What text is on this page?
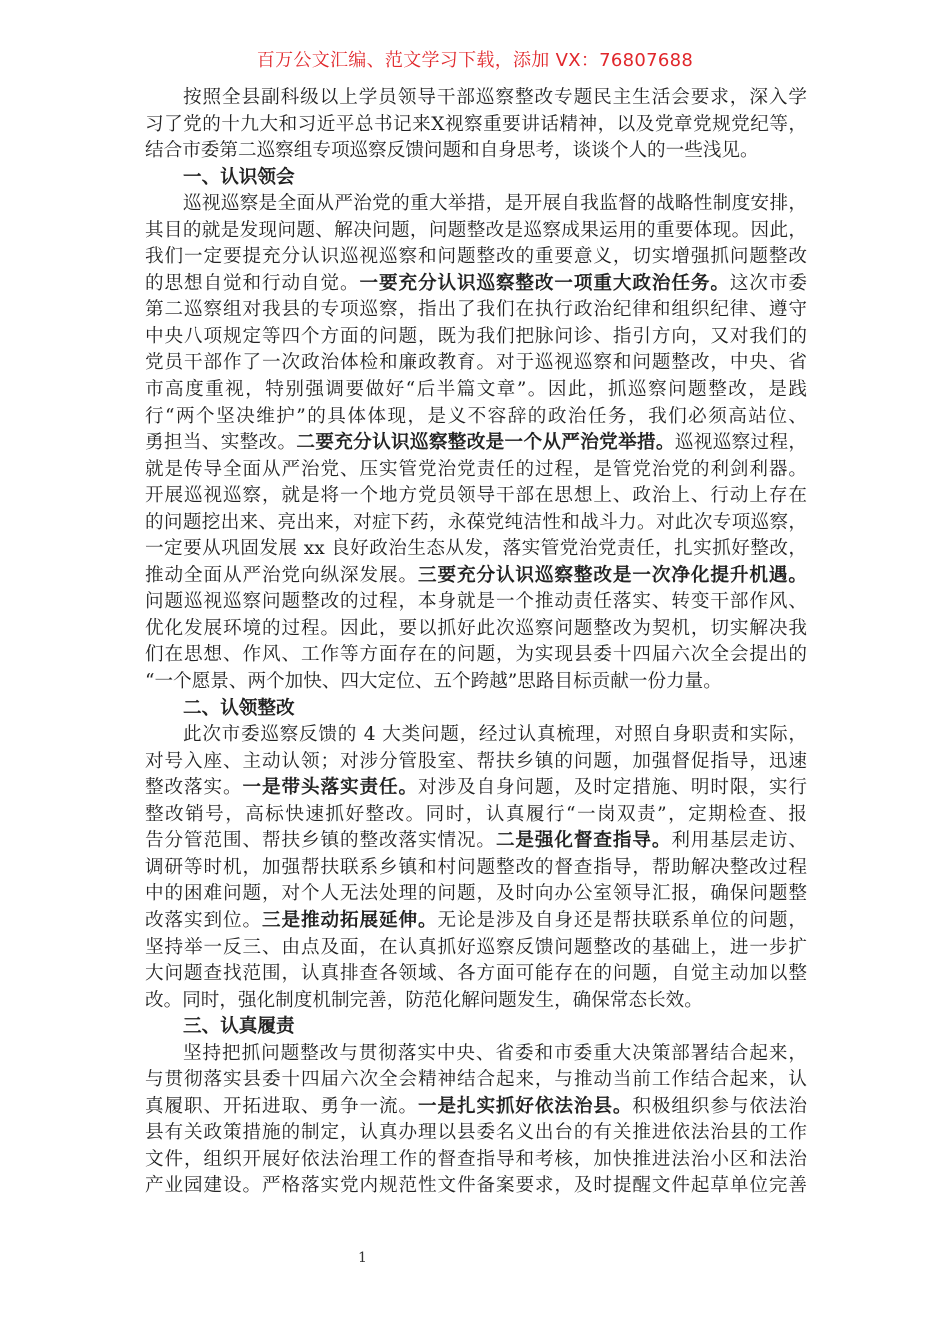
百万公文汇编、范文学习下载，添加 VX：76807688
按照全县副科级以上学员领导干部巡察整改专题民主生活会要求，深入学
习了党的十九大和习近平总书记来X视察重要讲话精神，以及党章党规党纪等，
结合市委第二巡察组专项巡察反馈问题和自身思考，谈谈个人的一些浅见。
一、认识领会
巡视巡察是全面从严治党的重大举措，是开展自我监督的战略性制度安排，
其目的就是发现问题、解决问题，问题整改是巡察成果运用的重要体现。因此，
我们一定要提充分认识巡视巡察和问题整改的重要意义，切实增强抓问题整改
的思想自觉和行动自觉。一要充分认识巡察整改一项重大政治任务。这次市委
第二巡察组对我县的专项巡察，指出了我们在执行政治纪律和组织纪律、遵守
中央八项规定等四个方面的问题，既为我们把脉问诊、指引方向，又对我们的
党员干部作了一次政治体检和廉政教育。对于巡视巡察和问题整改，中央、省
市高度重视，特别强调要做好“后半篇文章”。因此，抓巡察问题整改，是践
行“两个坚决维护”的具体体现，是义不容辞的政治任务，我们必须高站位、
勇担当、实整改。二要充分认识巡察整改是一个从严治党举措。巡视巡察过程，
就是传导全面从严治党、压实管党治党责任的过程，是管党治党的利剑利器。
开展巡视巡察，就是将一个地方党员领导干部在思想上、政治上、行动上存在
的问题挖出来、亮出来，对症下药，永葆党纯洁性和战斗力。对此次专项巡察，
一定要从巩固发展 xx 良好政治生态从发，落实管党治党责任，扎实抓好整改，
推动全面从严治党向纵深发展。三要充分认识巡察整改是一次净化提升机遇。
问题巡视巡察问题整改的过程，本身就是一个推动责任落实、转变干部作风、
优化发展环境的过程。因此，要以抓好此次巡察问题整改为契机，切实解决我
们在思想、作风、工作等方面存在的问题，为实现县委十四届六次全会提出的
“一个愿景、两个加快、四大定位、五个跨越”思路目标贡献一份力量。
二、认领整改
此次市委巡察反馈的 4 大类问题，经过认真梳理，对照自身职责和实际，
对号入座、主动认领；对涉分管股室、帮扶乡镇的问题，加强督促指导，迅速
整改落实。一是带头落实责任。对涉及自身问题，及时定措施、明时限，实行
整改销号，高标快速抓好整改。同时，认真履行“一岗双责”，定期检查、报
告分管范围、帮扶乡镇的整改落实情况。二是强化督查指导。利用基层走访、
调研等时机，加强帮扶联系乡镇和村问题整改的督查指导，帮助解决整改过程
中的困难问题，对个人无法处理的问题，及时向办公室领导汇报，确保问题整
改落实到位。三是推动拓展延伸。无论是涉及自身还是帮扶联系单位的问题，
坚持举一反三、由点及面，在认真抓好巡察反馈问题整改的基础上，进一步扩
大问题查找范围，认真排查各领域、各方面可能存在的问题，自觉主动加以整
改。同时，强化制度机制完善，防范化解问题发生，确保常态长效。
三、认真履责
坚持把抓问题整改与贯彻落实中央、省委和市委重大决策部署结合起来，
与贯彻落实县委十四届六次全会精神结合起来，与推动当前工作结合起来，认
真履职、开拓进取、勇争一流。一是扎实抓好依法治县。积极组织参与依法治
县有关政策措施的制定，认真办理以县委名义出台的有关推进依法治县的工作
文件，组织开展好依法治理工作的督查指导和考核，加快推进法治小区和法治
产业园建设。严格落实党内规范性文件备案要求，及时提醒文件起草单位完善
1
